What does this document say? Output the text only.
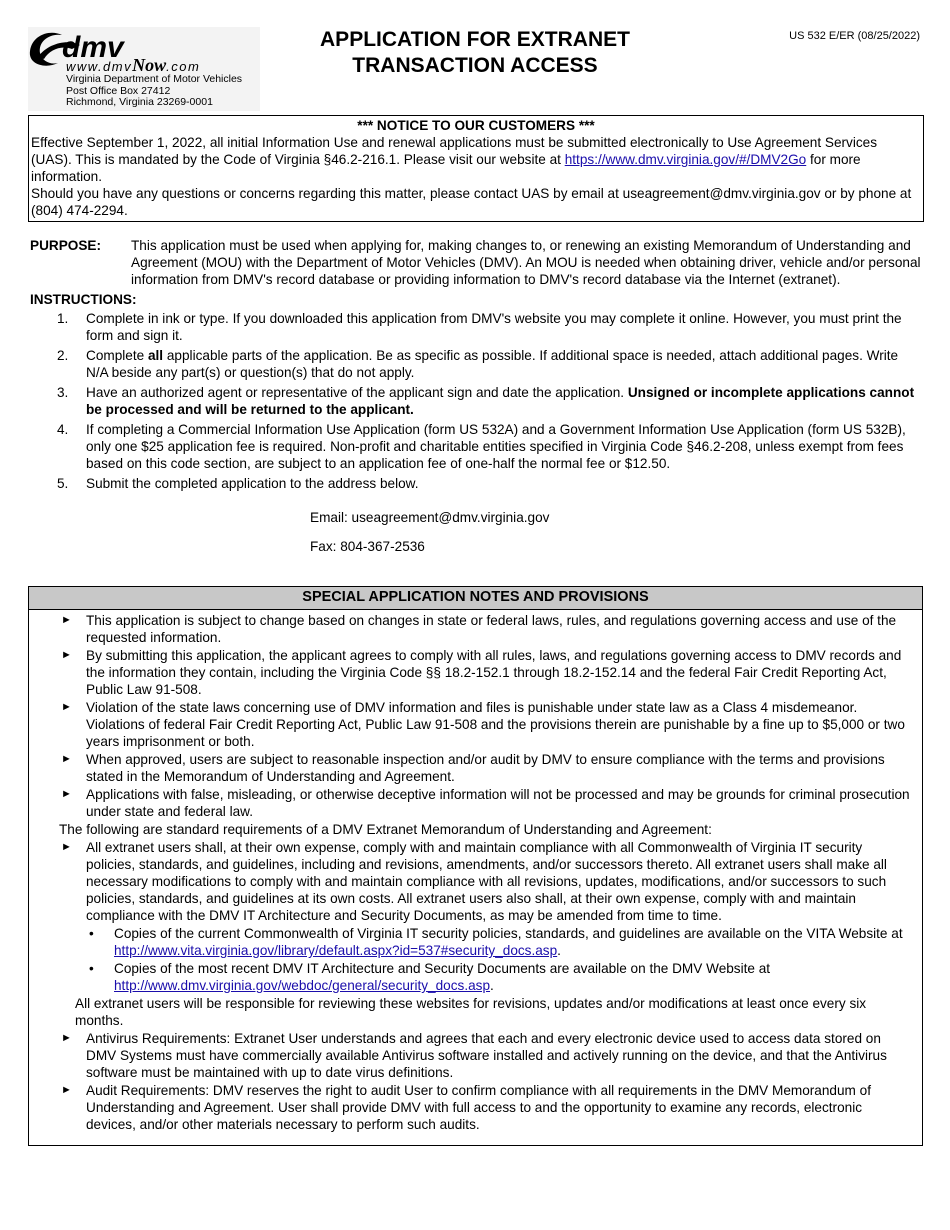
dmv
www.dmvNow.com
Virginia Department of Motor Vehicles
Post Office Box 27412
Richmond, Virginia 23269-0001
APPLICATION FOR EXTRANET
TRANSACTION ACCESS
US 532 E/ER (08/25/2022)
*** NOTICE TO OUR CUSTOMERS ***

Effective September 1, 2022, all initial Information Use and renewal applications must be submitted electronically to Use Agreement Services (UAS). This is mandated by the Code of Virginia §46.2-216.1. Please visit our website at https://www.dmv.virginia.gov/#/DMV2Go for more information.

Should you have any questions or concerns regarding this matter, please contact UAS by email at useagreement@dmv.virginia.gov or by phone at (804) 474-2294.

PURPOSE: This application must be used when applying for, making changes to, or renewing an existing Memorandum of Understanding and Agreement (MOU) with the Department of Motor Vehicles (DMV). An MOU is needed when obtaining driver, vehicle and/or personal information from DMV's record database or providing information to DMV's record database via the Internet (extranet).
INSTRUCTIONS:
1. Complete in ink or type. If you downloaded this application from DMV's website you may complete it online. However, you must print the form and sign it.
2. Complete all applicable parts of the application. Be as specific as possible. If additional space is needed, attach additional pages. Write N/A beside any part(s) or question(s) that do not apply.
3. Have an authorized agent or representative of the applicant sign and date the application. Unsigned or incomplete applications cannot be processed and will be returned to the applicant.
4. If completing a Commercial Information Use Application (form US 532A) and a Government Information Use Application (form US 532B), only one $25 application fee is required. Non-profit and charitable entities specified in Virginia Code §46.2-208, unless exempt from fees based on this code section, are subject to an application fee of one-half the normal fee or $12.50.
5. Submit the completed application to the address below.
Email: useagreement@dmv.virginia.gov
Fax: 804-367-2536
SPECIAL APPLICATION NOTES AND PROVISIONS

► This application is subject to change based on changes in state or federal laws, rules, and regulations governing access and use of the requested information.

► By submitting this application, the applicant agrees to comply with all rules, laws, and regulations governing access to DMV records and the information they contain, including the Virginia Code §§ 18.2-152.1 through 18.2-152.14 and the federal Fair Credit Reporting Act, Public Law 91-508.

► Violation of the state laws concerning use of DMV information and files is punishable under state law as a Class 4 misdemeanor. Violations of federal Fair Credit Reporting Act, Public Law 91-508 and the provisions therein are punishable by a fine up to $5,000 or two years imprisonment or both.

► When approved, users are subject to reasonable inspection and/or audit by DMV to ensure compliance with the terms and provisions stated in the Memorandum of Understanding and Agreement.

► Applications with false, misleading, or otherwise deceptive information will not be processed and may be grounds for criminal prosecution under state and federal law.

The following are standard requirements of a DMV Extranet Memorandum of Understanding and Agreement:

► All extranet users shall, at their own expense, comply with and maintain compliance with all Commonwealth of Virginia IT security policies, standards, and guidelines, including and revisions, amendments, and/or successors thereto. All extranet users shall make all necessary modifications to comply with and maintain compliance with all revisions, updates, modifications, and/or successors to such policies, standards, and guidelines at its own costs. All extranet users also shall, at their own expense, comply with and maintain compliance with the DMV IT Architecture and Security Documents, as may be amended from time to time.

• Copies of the current Commonwealth of Virginia IT security policies, standards, and guidelines are available on the VITA Website at http://www.vita.virginia.gov/library/default.aspx?id=537#security_docs.asp.

• Copies of the most recent DMV IT Architecture and Security Documents are available on the DMV Website at http://www.dmv.virginia.gov/webdoc/general/security_docs.asp.

All extranet users will be responsible for reviewing these websites for revisions, updates and/or modifications at least once every six months.

► Antivirus Requirements: Extranet User understands and agrees that each and every electronic device used to access data stored on DMV Systems must have commercially available Antivirus software installed and actively running on the device, and that the Antivirus software must be maintained with up to date virus definitions.

► Audit Requirements: DMV reserves the right to audit User to confirm compliance with all requirements in the DMV Memorandum of Understanding and Agreement. User shall provide DMV with full access to and the opportunity to examine any records, electronic devices, and/or other materials necessary to perform such audits.
